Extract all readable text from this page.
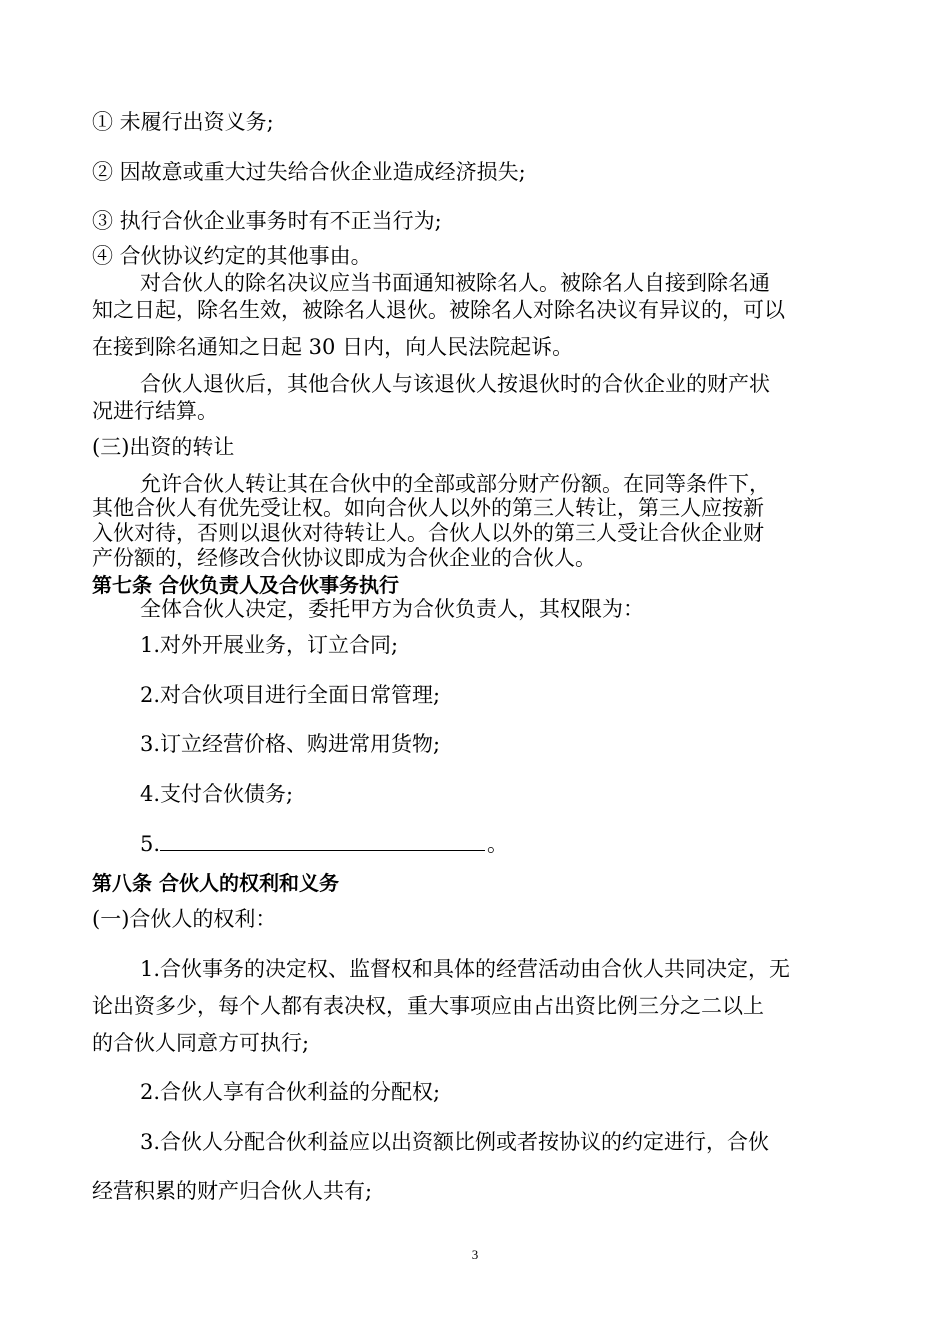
① 未履行出资义务;
② 因故意或重大过失给合伙企业造成经济损失;
③ 执行合伙企业事务时有不正当行为;
④ 合伙协议约定的其他事由。
对合伙人的除名决议应当书面通知被除名人。被除名人自接到除名通
知之日起，除名生效，被除名人退伙。被除名人对除名决议有异议的，可以
在接到除名通知之日起 30 日内，向人民法院起诉。
合伙人退伙后，其他合伙人与该退伙人按退伙时的合伙企业的财产状
况进行结算。
(三)出资的转让
允许合伙人转让其在合伙中的全部或部分财产份额。在同等条件下，
其他合伙人有优先受让权。如向合伙人以外的第三人转让，第三人应按新
入伙对待，否则以退伙对待转让人。合伙人以外的第三人受让合伙企业财
产份额的，经修改合伙协议即成为合伙企业的合伙人。
第七条 合伙负责人及合伙事务执行
全体合伙人决定，委托甲方为合伙负责人，其权限为：
1.对外开展业务，订立合同;
2.对合伙项目进行全面日常管理;
3.订立经营价格、购进常用货物;
4.支付合伙债务;
5.	。
第八条 合伙人的权利和义务
(一)合伙人的权利：
1.合伙事务的决定权、监督权和具体的经营活动由合伙人共同决定，无
论出资多少，每个人都有表决权，重大事项应由占出资比例三分之二以上
的合伙人同意方可执行;
2.合伙人享有合伙利益的分配权;
3.合伙人分配合伙利益应以出资额比例或者按协议的约定进行，合伙
经营积累的财产归合伙人共有;
3
